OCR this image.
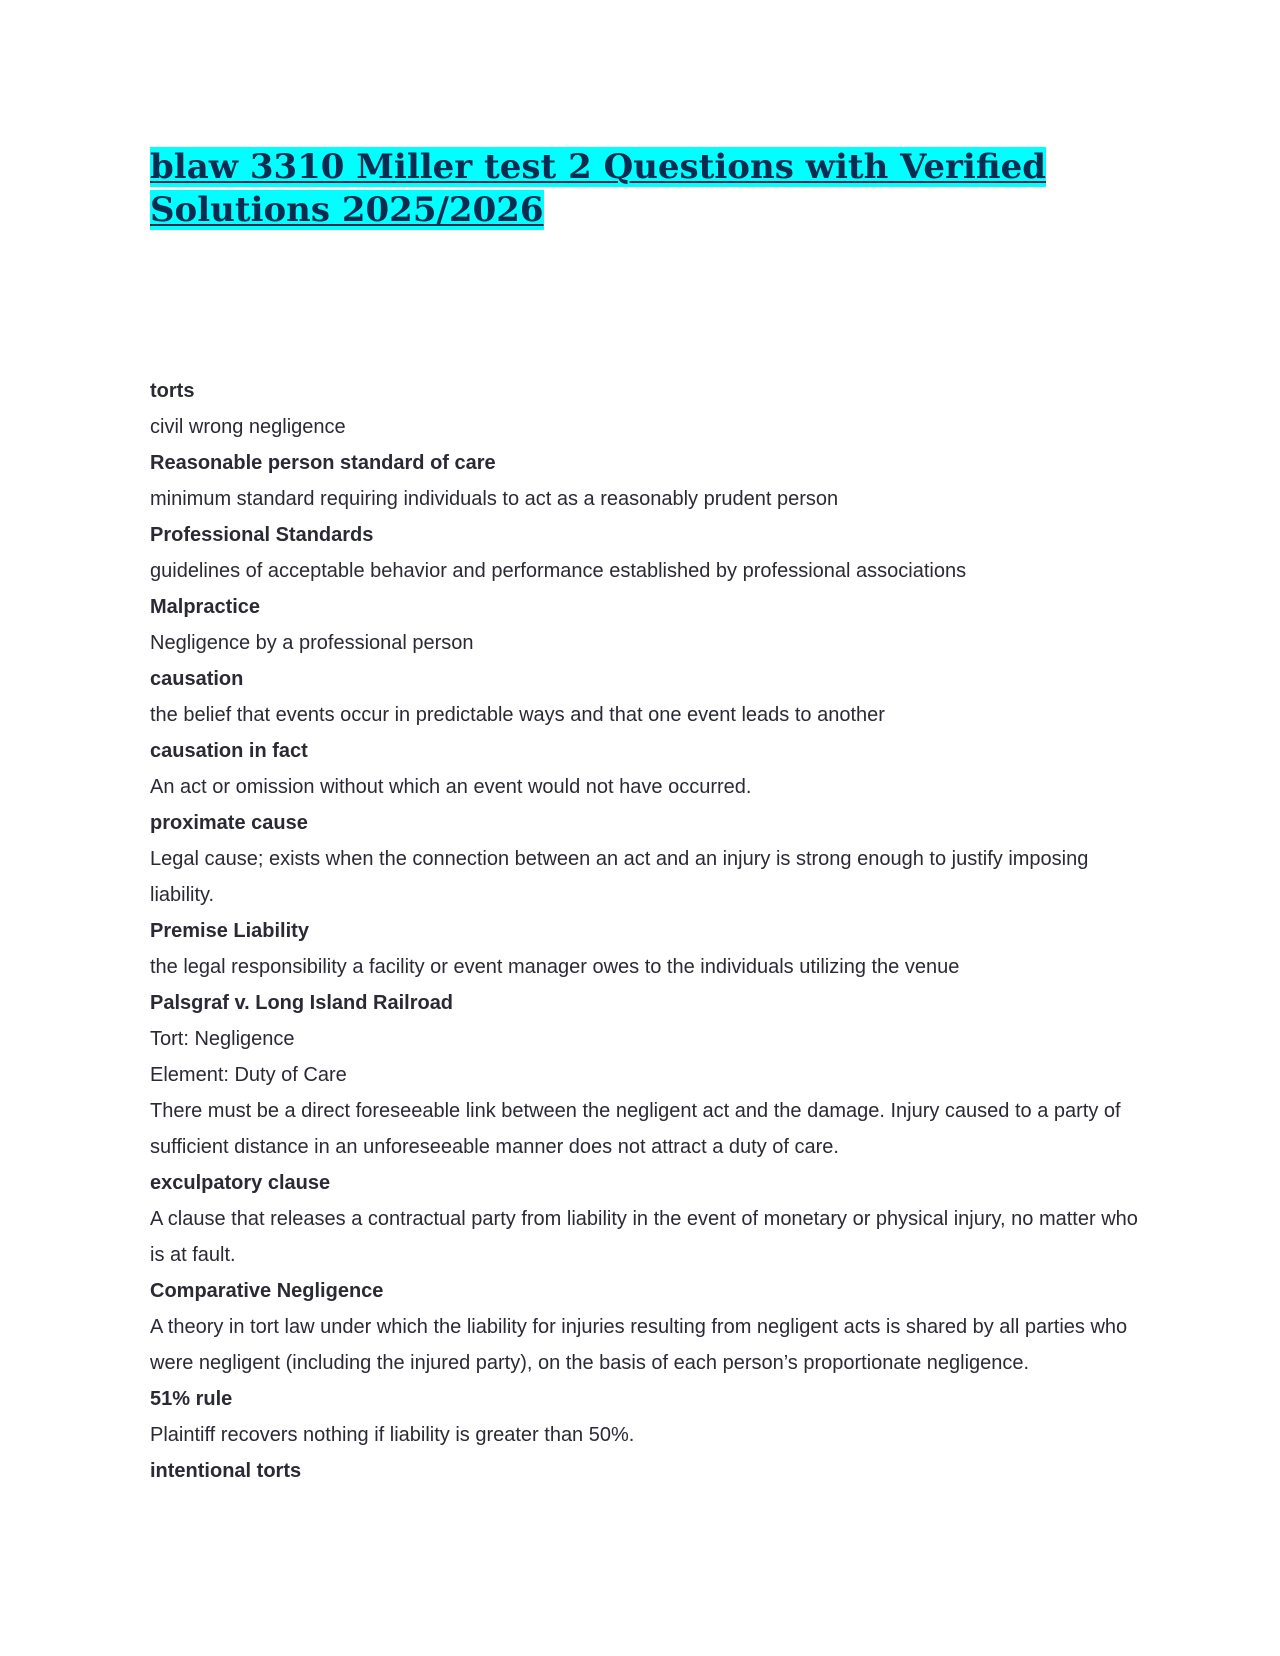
blaw 3310 Miller test 2 Questions with Verified Solutions 2025/2026

torts

civil wrong negligence

Reasonable person standard of care

minimum standard requiring individuals to act as a reasonably prudent person

Professional Standards

guidelines of acceptable behavior and performance established by professional associations

Malpractice

Negligence by a professional person

causation

the belief that events occur in predictable ways and that one event leads to another

causation in fact

An act or omission without which an event would not have occurred.

proximate cause

Legal cause; exists when the connection between an act and an injury is strong enough to justify imposing liability.

Premise Liability

the legal responsibility a facility or event manager owes to the individuals utilizing the venue

Palsgraf v. Long Island Railroad

Tort: Negligence

Element: Duty of Care

There must be a direct foreseeable link between the negligent act and the damage. Injury caused to a party of sufficient distance in an unforeseeable manner does not attract a duty of care.

exculpatory clause

A clause that releases a contractual party from liability in the event of monetary or physical injury, no matter who is at fault.

Comparative Negligence

A theory in tort law under which the liability for injuries resulting from negligent acts is shared by all parties who were negligent (including the injured party), on the basis of each person’s proportionate negligence.

51% rule

Plaintiff recovers nothing if liability is greater than 50%.

intentional torts
